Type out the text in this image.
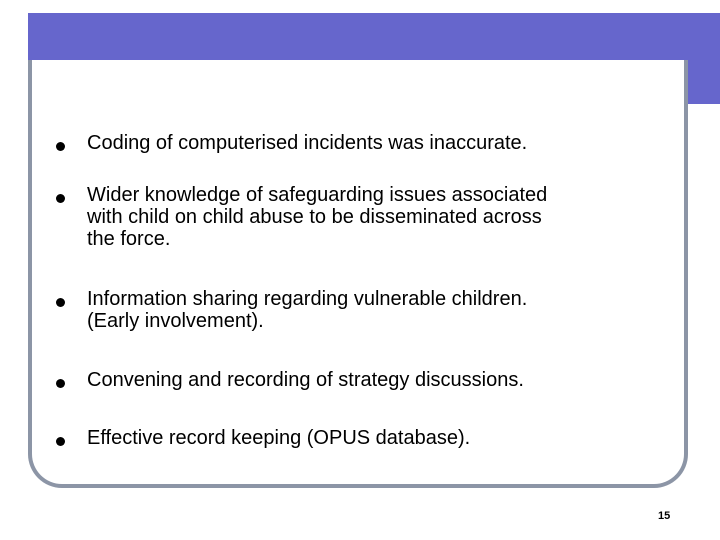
Learning - GMP
Coding of computerised incidents was inaccurate.
Wider knowledge of safeguarding issues associated
with child on child abuse to be disseminated across
the force.
Information sharing regarding vulnerable children.
(Early involvement).
Convening and recording of strategy discussions.
Effective record keeping (OPUS database).
15
